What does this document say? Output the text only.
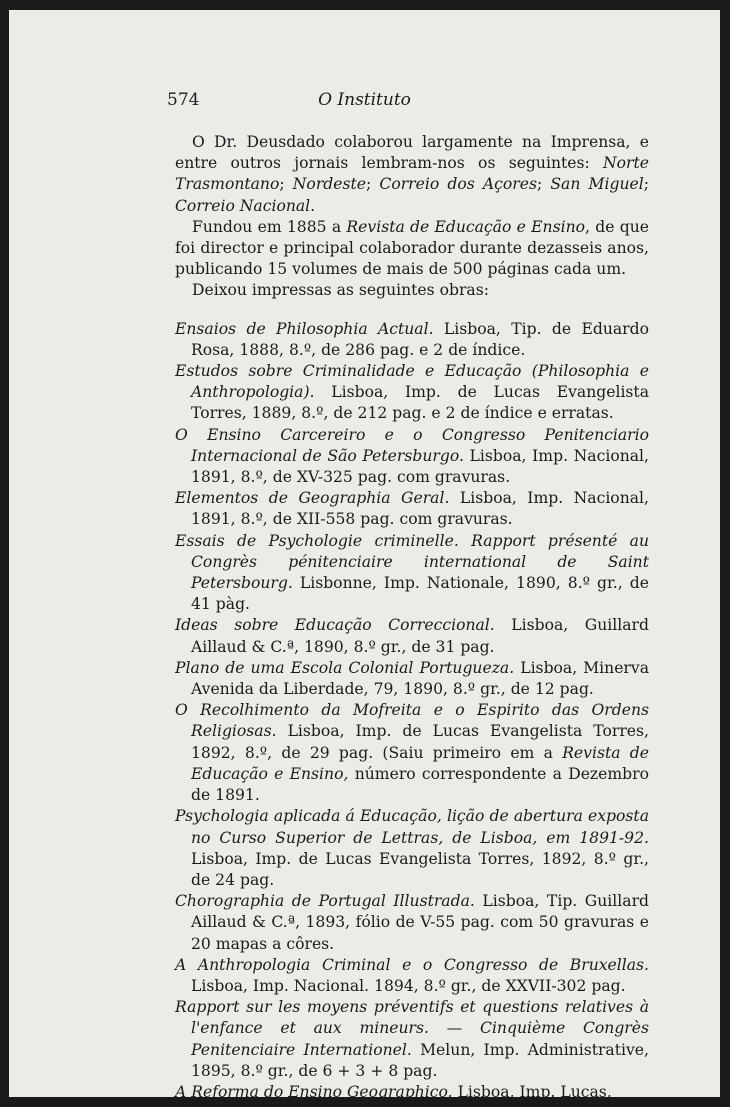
574	O Instituto

O Dr. Deusdado colaborou largamente na Imprensa, e entre outros jornais lembram-nos os seguintes: Norte Trasmontano; Nordeste; Correio dos Açores; San Miguel; Correio Nacional.

Fundou em 1885 a Revista de Educação e Ensino, de que foi director e principal colaborador durante dezasseis anos, publicando 15 volumes de mais de 500 páginas cada um.

Deixou impressas as seguintes obras:

Ensaios de Philosophia Actual. Lisboa, Tip. de Eduardo Rosa, 1888, 8.º, de 286 pag. e 2 de índice.

Estudos sobre Criminalidade e Educação (Philosophia e Anthropologia). Lisboa, Imp. de Lucas Evangelista Torres, 1889, 8.º, de 212 pag. e 2 de índice e erratas.

O Ensino Carcereiro e o Congresso Penitenciario Internacional de São Petersburgo. Lisboa, Imp. Nacional, 1891, 8.º, de XV-325 pag. com gravuras.

Elementos de Geographia Geral. Lisboa, Imp. Nacional, 1891, 8.º, de XII-558 pag. com gravuras.

Essais de Psychologie criminelle. Rapport présenté au Congrès pénitenciaire international de Saint Petersbourg. Lisbonne, Imp. Nationale, 1890, 8.º gr., de 41 pàg.

Ideas sobre Educação Correccional. Lisboa, Guillard Aillaud & C.ª, 1890, 8.º gr., de 31 pag.

Plano de uma Escola Colonial Portugueza. Lisboa, Minerva Avenida da Liberdade, 79, 1890, 8.º gr., de 12 pag.

O Recolhimento da Mofreita e o Espirito das Ordens Religiosas. Lisboa, Imp. de Lucas Evangelista Torres, 1892, 8.º, de 29 pag. (Saiu primeiro em a Revista de Educação e Ensino, número correspondente a Dezembro de 1891.

Psychologia aplicada á Educação, lição de abertura exposta no Curso Superior de Lettras, de Lisboa, em 1891-92. Lisboa, Imp. de Lucas Evangelista Torres, 1892, 8.º gr., de 24 pag.

Chorographia de Portugal Illustrada. Lisboa, Tip. Guillard Aillaud & C.ª, 1893, fólio de V-55 pag. com 50 gravuras e 20 mapas a côres.

A Anthropologia Criminal e o Congresso de Bruxellas. Lisboa, Imp. Nacional. 1894, 8.º gr., de XXVII-302 pag.

Rapport sur les moyens préventifs et questions relatives à l'enfance et aux mineurs. — Cinquième Congrès Penitenciaire Internationel. Melun, Imp. Administrative, 1895, 8.º gr., de 6 + 3 + 8 pag.

A Reforma do Ensino Geographico. Lisboa, Imp. Lucas,
